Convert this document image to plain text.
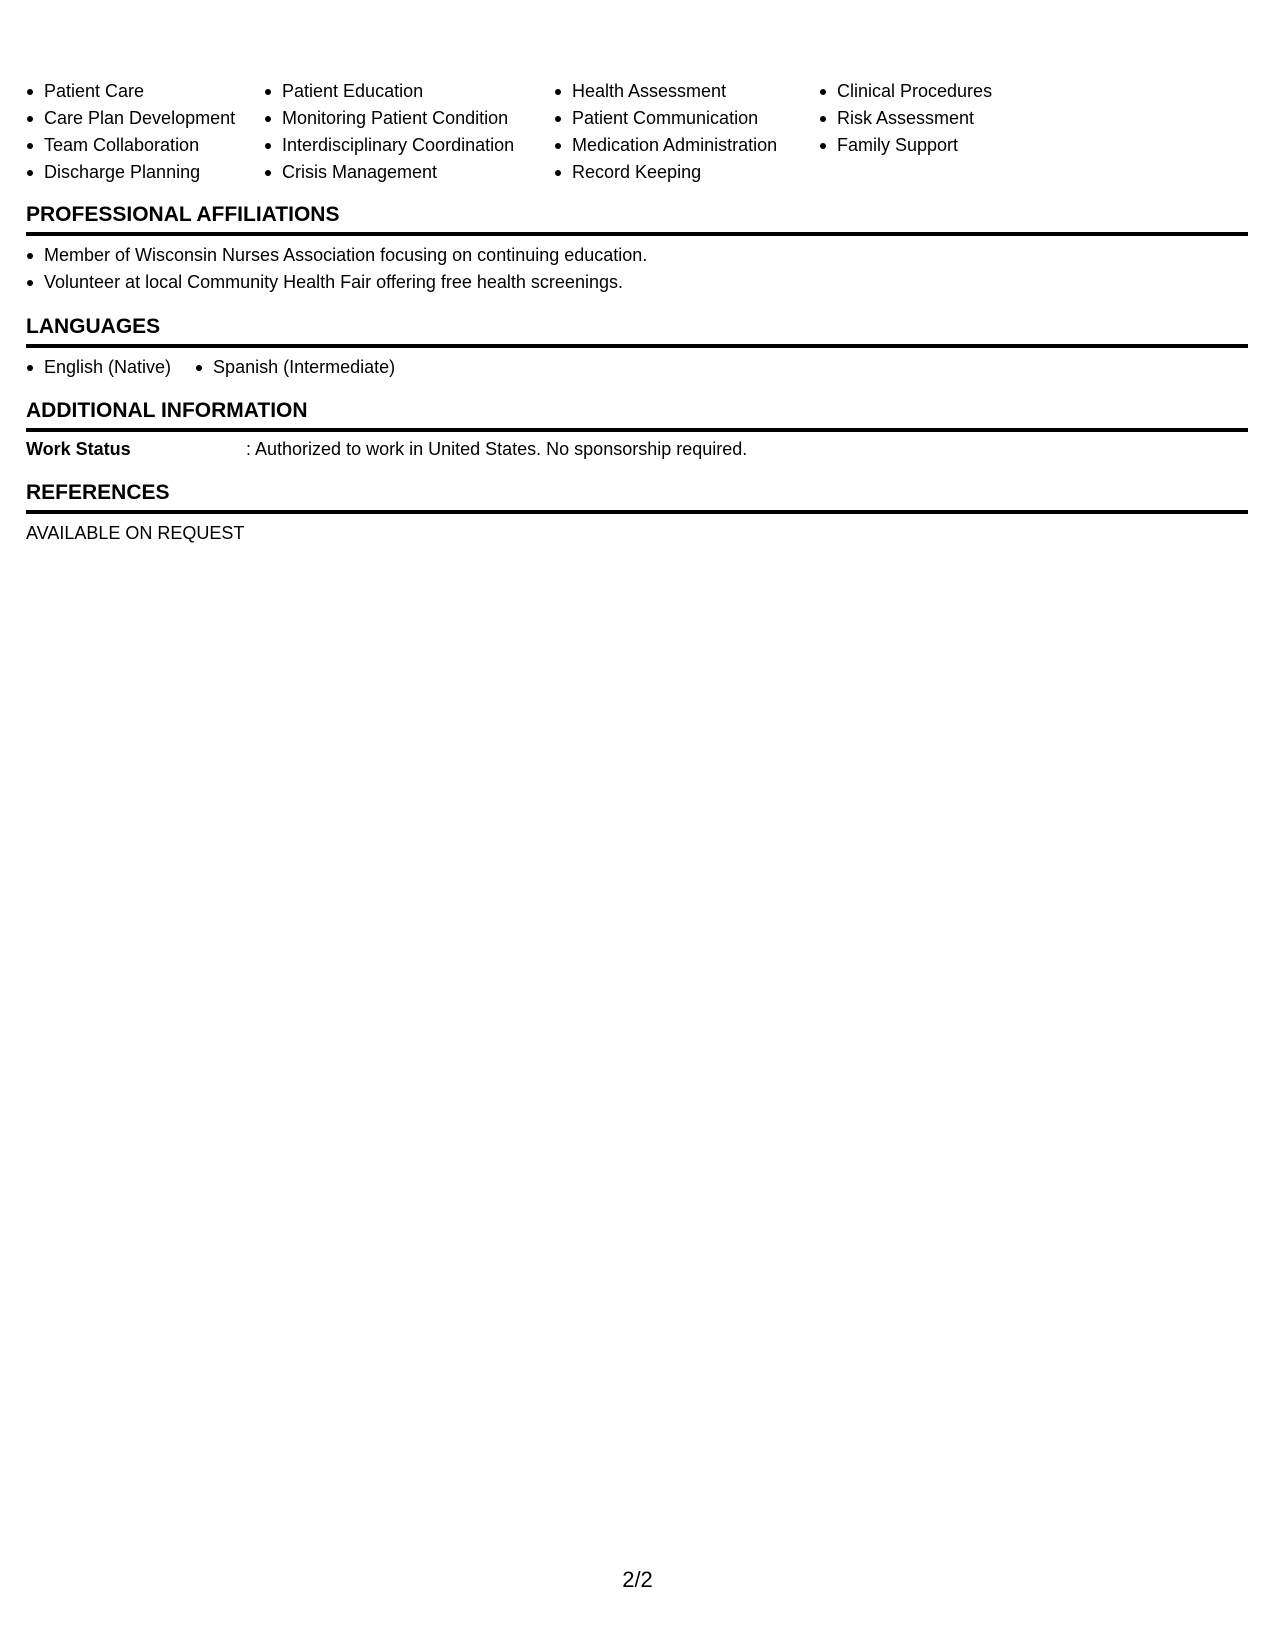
Patient Care
Care Plan Development
Team Collaboration
Discharge Planning
Patient Education
Monitoring Patient Condition
Interdisciplinary Coordination
Crisis Management
Health Assessment
Patient Communication
Medication Administration
Record Keeping
Clinical Procedures
Risk Assessment
Family Support
PROFESSIONAL AFFILIATIONS
Member of Wisconsin Nurses Association focusing on continuing education.
Volunteer at local Community Health Fair offering free health screenings.
LANGUAGES
English (Native)	Spanish (Intermediate)
ADDITIONAL INFORMATION
Work Status	: Authorized to work in United States. No sponsorship required.
REFERENCES
AVAILABLE ON REQUEST
2/2
